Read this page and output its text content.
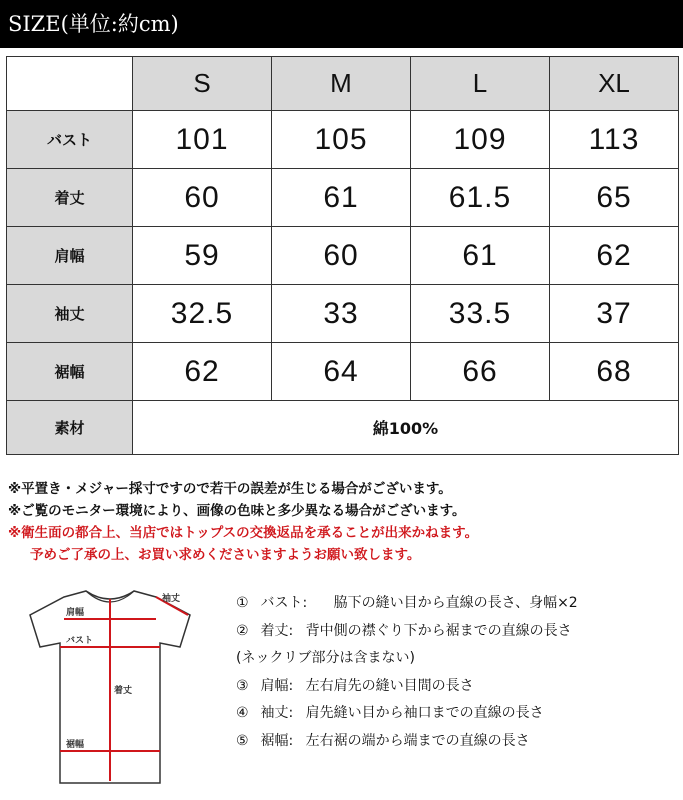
SIZE(単位:約cm)
	S	M	L	XL
バスト	101	105	109	113
着丈	60	61	61.5	65
肩幅	59	60	61	62
袖丈	32.5	33	33.5	37
裾幅	62	64	66	68
素材	綿100%			
※平置き・メジャー採寸ですので若干の誤差が生じる場合がございます。
※ご覧のモニター環境により、画像の色味と多少異なる場合がございます。
※衛生面の都合上、当店ではトップスの交換返品を承ることが出来かねます。
予めご了承の上、お買い求めくださいますようお願い致します。
肩幅
袖丈
バスト
着丈
裾幅
① バスト: 脇下の縫い目から直線の長さ、身幅×2
② 着丈: 背中側の襟ぐり下から裾までの直線の長さ
(ネックリブ部分は含まない)
③ 肩幅: 左右肩先の縫い目間の長さ
④ 袖丈: 肩先縫い目から袖口までの直線の長さ
⑤ 裾幅: 左右裾の端から端までの直線の長さ
